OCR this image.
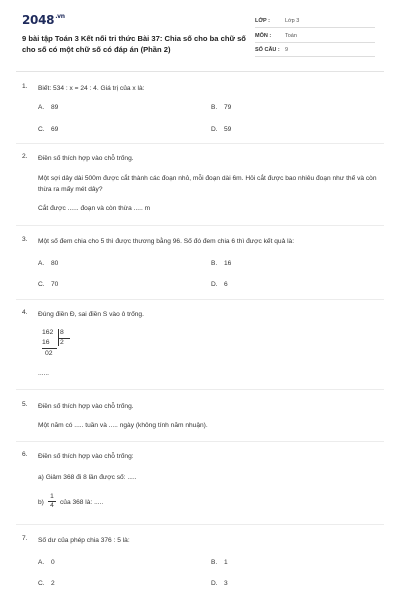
$2048^{.vn}$
9 bài tập Toán 3 Kết nối tri thức Bài 37: Chia số cho ba chữ số cho số có một chữ số có đáp án (Phần 2)
LỚP :	Lớp 3
MÔN :	Toán
SỐ CÂU : 9
1. Biết: 534 : x = 24 : 4. Giá trị của x là:
A. 89	B. 79
C. 69	D. 59
2. Điền số thích hợp vào chỗ trống.
Một sợi dây dài 500m được cắt thành các đoạn nhỏ, mỗi đoạn dài 6m. Hỏi cắt được bao nhiêu đoạn như thế và còn thừa ra mấy mét dây?
Cắt được ...... đoạn và còn thừa ..... m
3. Một số đem chia cho 5 thì được thương bằng 96. Số đó đem chia 6 thì được kết quả là:
A. 80	B. 16
C. 70	D. 6
4. Đúng điền Đ, sai điền S vào ô trống.
162 8
16 2
02
......
5. Điền số thích hợp vào chỗ trống.
Một năm có ..... tuần và ..... ngày (không tính năm nhuận).
6. Điền số thích hợp vào chỗ trống:
a) Giảm 368 đi 8 lần được số: .....
b)
1
4 của 368 là: .....
7. Số dư của phép chia 376 : 5 là:
A. 0	B. 1
C. 2	D. 3
